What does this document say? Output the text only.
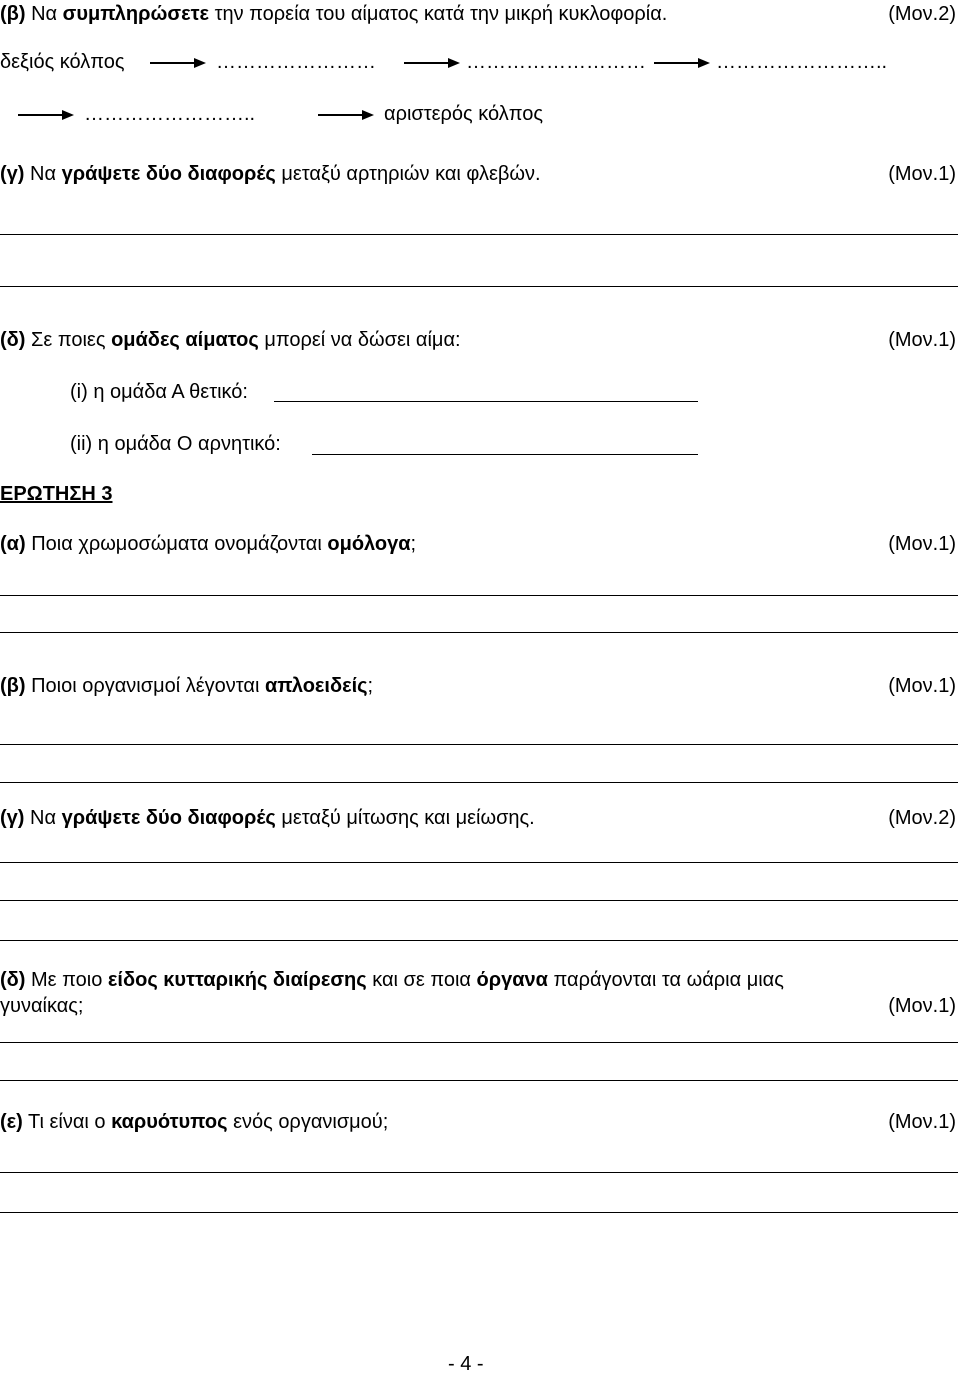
(β) Να συμπληρώσετε την πορεία του αίματος κατά την μικρή κυκλοφορία.	(Μον.2)
δεξιός κόλπος	……………………	………………………	……………………..
……………………..	αριστερός κόλπος
(γ) Να γράψετε δύο διαφορές μεταξύ αρτηριών και φλεβών.	(Μον.1)
(δ) Σε ποιες ομάδες αίματος μπορεί να δώσει αίμα:	(Μον.1)
(i) η ομάδα Α θετικό:
(ii) η ομάδα Ο αρνητικό:
ΕΡΩΤΗΣΗ 3
(α) Ποια χρωμοσώματα ονομάζονται ομόλογα;	(Μον.1)
(β) Ποιοι οργανισμοί λέγονται απλοειδείς;	(Μον.1)
(γ) Να γράψετε δύο διαφορές μεταξύ μίτωσης και μείωσης.	(Μον.2)
(δ) Με ποιο είδος κυτταρικής διαίρεσης και σε ποια όργανα παράγονται τα ωάρια μιας
γυναίκας;	(Μον.1)
(ε) Τι είναι ο καρυότυπος ενός οργανισμού;	(Μον.1)
- 4 -
